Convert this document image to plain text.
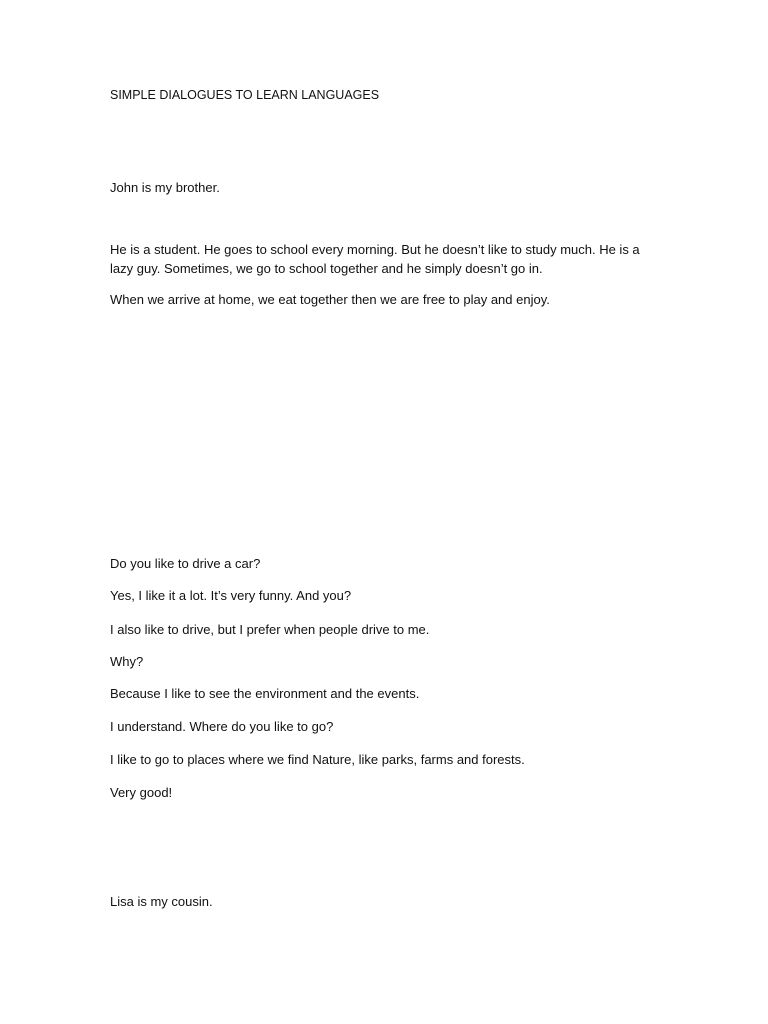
SIMPLE DIALOGUES TO LEARN LANGUAGES

John is my brother.

He is a student. He goes to school every morning. But he doesn’t like to study much. He is a lazy guy. Sometimes, we go to school together and he simply doesn’t go in.

When we arrive at home, we eat together then we are free to play and enjoy.

Do you like to drive a car?

Yes, I like it a lot. It’s very funny. And you?

I also like to drive, but I prefer when people drive to me.

Why?

Because I like to see the environment and the events.

I understand. Where do you like to go?

I like to go to places where we find Nature, like parks, farms and forests.

Very good!

Lisa is my cousin.
